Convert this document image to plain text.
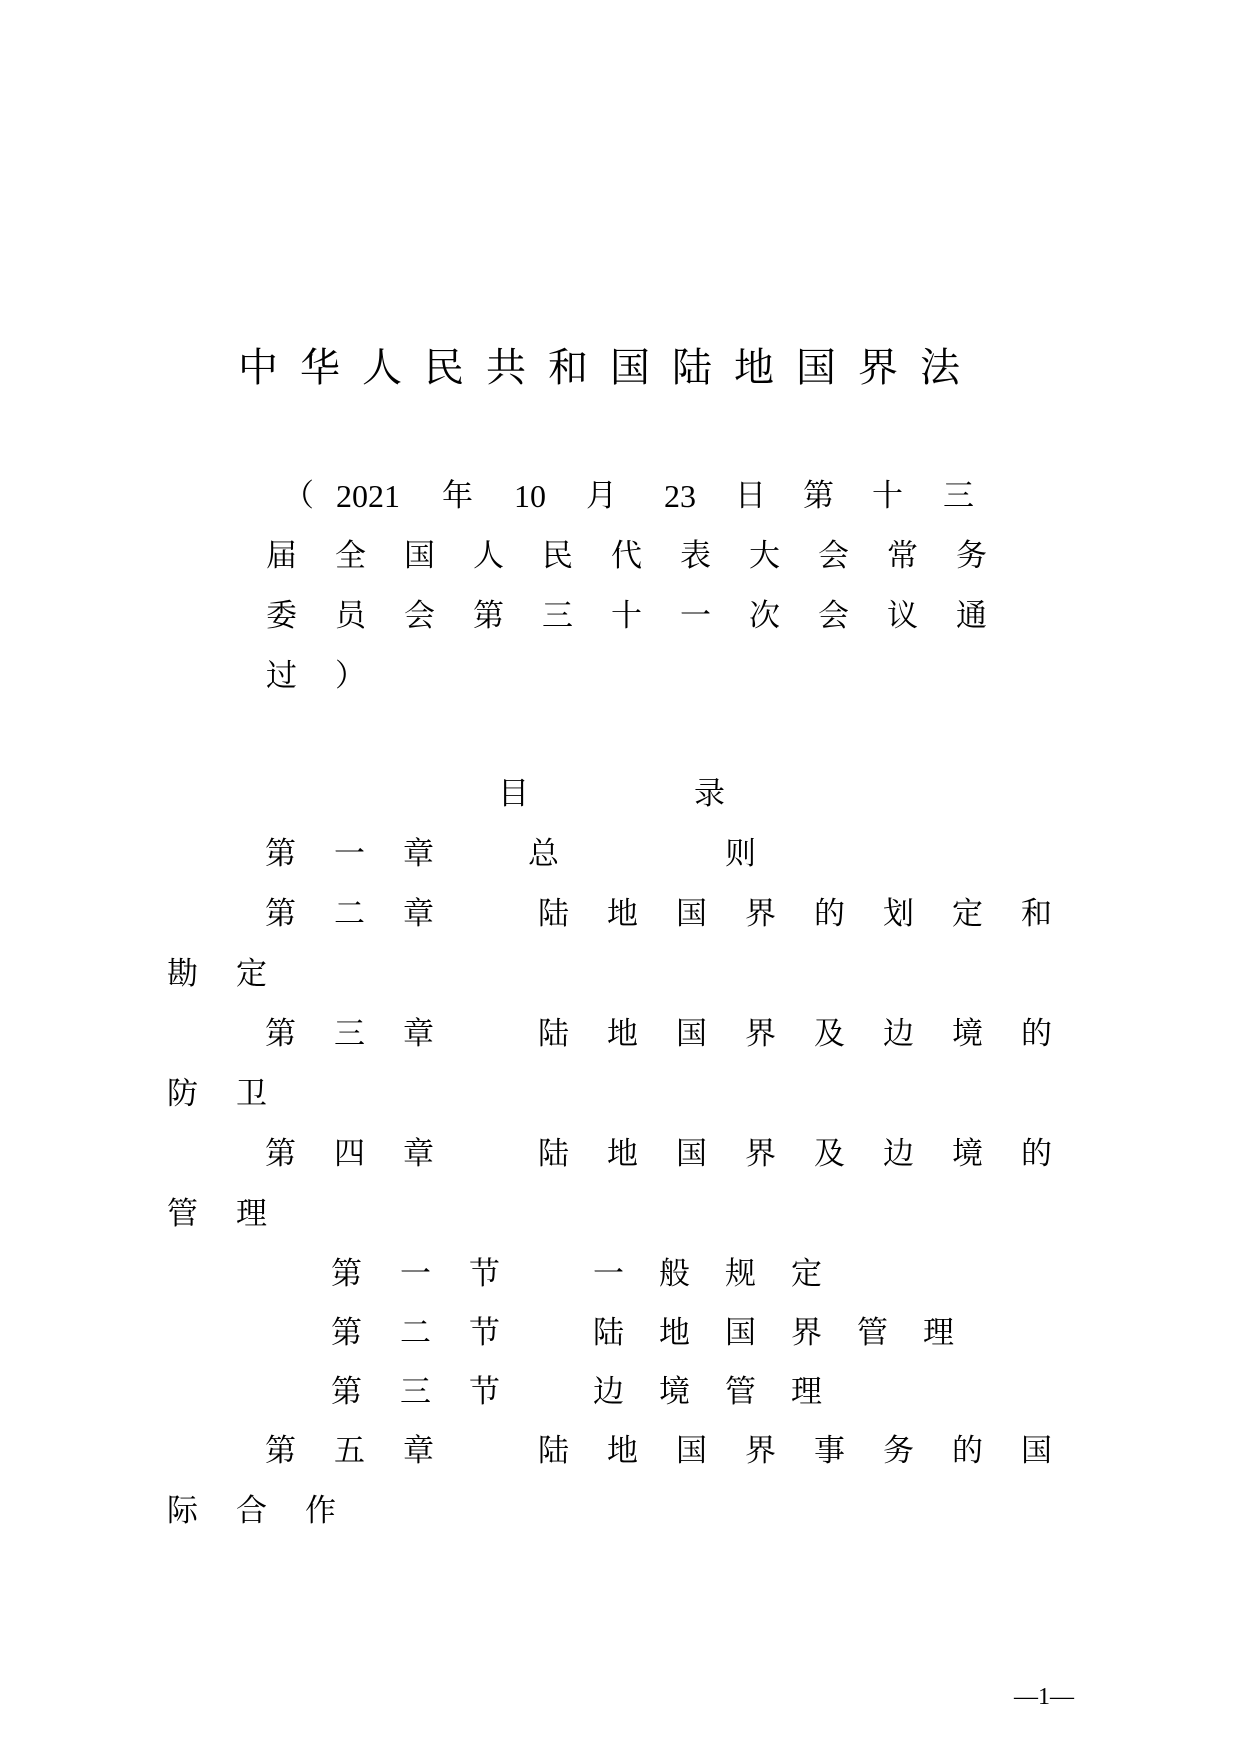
中 华 人 民 共 和 国 陆 地 国 界 法
（ 2021 年 10 月 23 日 第 十 三
届 全 国 人 民 代 表 大 会 常 务
委 员 会 第 三 十 一 次 会 议 通
过 ）
目	录
第 一 章	总	则
第 二 章	陆 地 国 界 的 划 定 和
勘 定
第 三 章	陆 地 国 界 及 边 境 的
防 卫
第 四 章	陆 地 国 界 及 边 境 的
管 理
第 一 节	一 般 规 定
第 二 节	陆 地 国 界 管 理
第 三 节	边 境 管 理
第 五 章	陆 地 国 界 事 务 的 国
际 合 作
—1—
